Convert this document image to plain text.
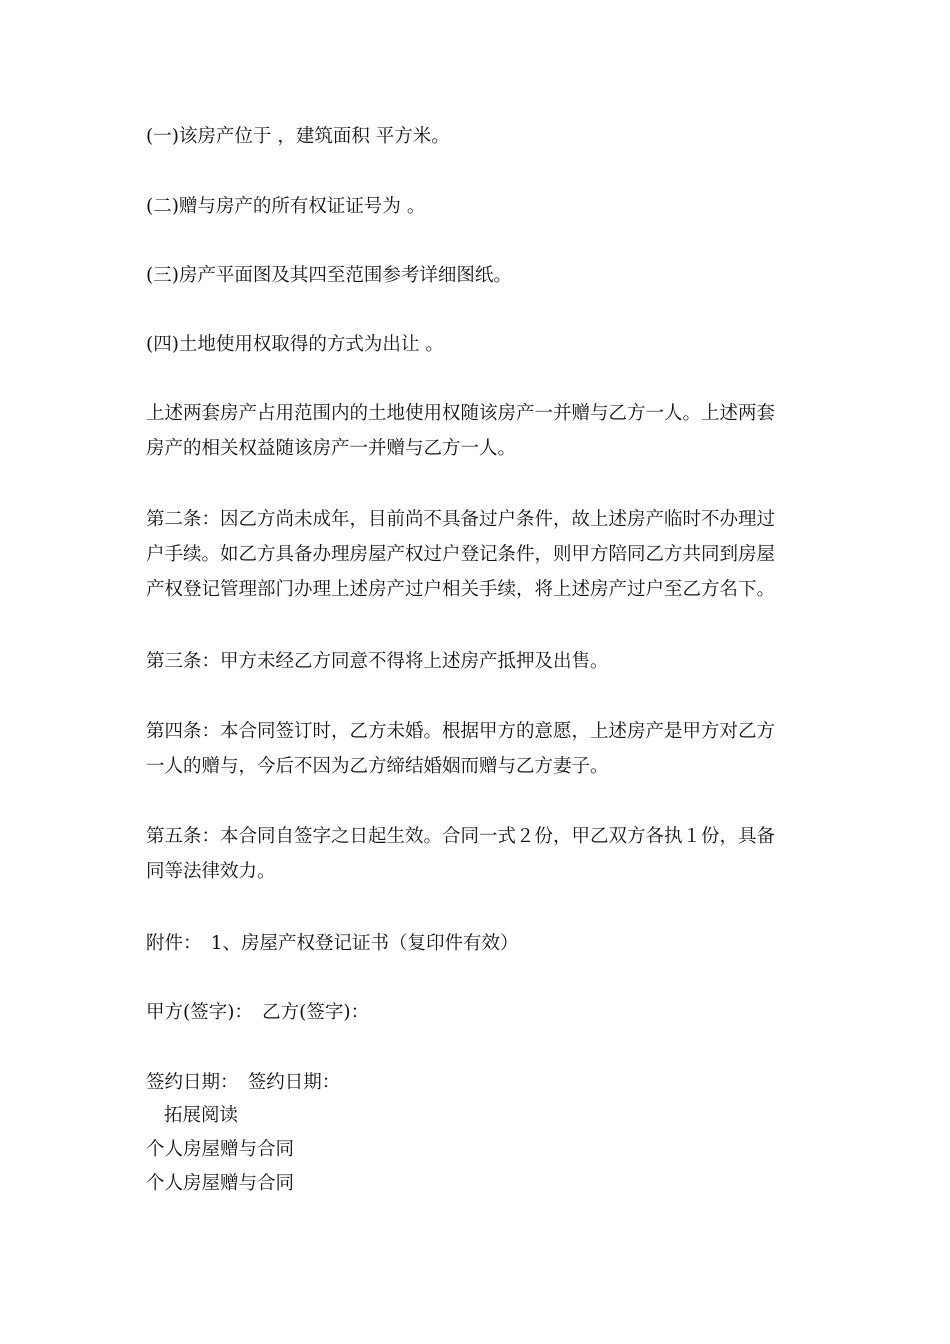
(一)该房产位于 ，建筑面积 平方米。

(二)赠与房产的所有权证证号为 。

(三)房产平面图及其四至范围参考详细图纸。

(四)土地使用权取得的方式为出让 。

上述两套房产占用范围内的土地使用权随该房产一并赠与乙方一人。上述两套
房产的相关权益随该房产一并赠与乙方一人。

第二条：因乙方尚未成年，目前尚不具备过户条件，故上述房产临时不办理过
户手续。如乙方具备办理房屋产权过户登记条件，则甲方陪同乙方共同到房屋
产权登记管理部门办理上述房产过户相关手续，将上述房产过户至乙方名下。

第三条：甲方未经乙方同意不得将上述房产抵押及出售。

第四条：本合同签订时，乙方未婚。根据甲方的意愿，上述房产是甲方对乙方
一人的赠与，今后不因为乙方缔结婚姻而赠与乙方妻子。

第五条：本合同自签字之日起生效。合同一式２份，甲乙双方各执１份，具备
同等法律效力。

附件：　1、房屋产权登记证书（复印件有效）

甲方(签字)：　乙方(签字)：

签约日期：　签约日期：

拓展阅读

个人房屋赠与合同

个人房屋赠与合同
